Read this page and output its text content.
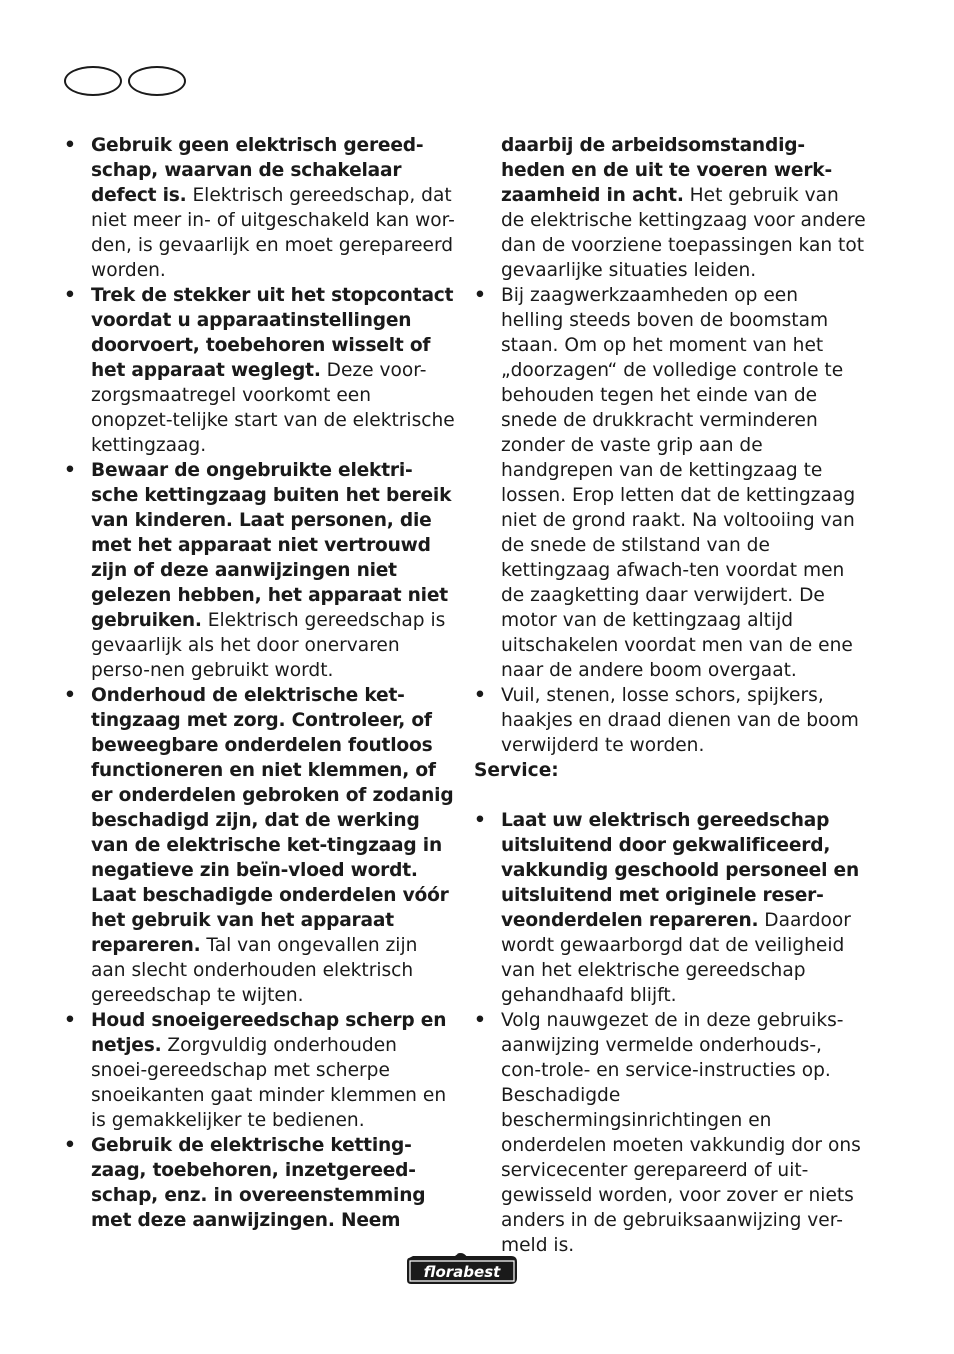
• Gebruik geen elektrisch gereed-schap, waarvan de schakelaar defect is. Elektrisch gereedschap, dat niet meer in- of uitgeschakeld kan wor-den, is gevaarlijk en moet gerepareerd worden.
• Trek de stekker uit het stopcontact voordat u apparaatinstellingen doorvoert, toebehoren wisselt of het apparaat weglegt. Deze voor-zorgsmaatregel voorkomt een onopzet-telijke start van de elektrische kettingzaag.
• Bewaar de ongebruikte elektri-sche kettingzaag buiten het bereik van kinderen. Laat personen, die met het apparaat niet vertrouwd zijn of deze aanwijzingen niet gelezen hebben, het apparaat niet gebruiken. Elektrisch gereedschap is gevaarlijk als het door onervaren perso-nen gebruikt wordt.
• Onderhoud de elektrische ket-tingzaag met zorg. Controleer, of beweegbare onderdelen foutloos functioneren en niet klemmen, of er onderdelen gebroken of zodanig beschadigd zijn, dat de werking van de elektrische ket-tingzaag in negatieve zin beïn-vloed wordt. Laat beschadigde onderdelen vóór het gebruik van het apparaat repareren. Tal van ongevallen zijn aan slecht onderhouden elektrisch gereedschap te wijten.
• Houd snoeigereedschap scherp en netjes. Zorgvuldig onderhouden snoei-gereedschap met scherpe snoeikanten gaat minder klemmen en is gemakkelijker te bedienen.
• Gebruik de elektrische ketting-zaag, toebehoren, inzetgereed-schap, enz. in overeenstemming met deze aanwijzingen. Neem
daarbij de arbeidsomstandig-heden en de uit te voeren werk-zaamheid in acht. Het gebruik van de elektrische kettingzaag voor andere dan de voorziene toepassingen kan tot gevaarlijke situaties leiden.
• Bij zaagwerkzaamheden op een helling steeds boven de boomstam staan. Om op het moment van het „doorzagen“ de volledige controle te behouden tegen het einde van de snede de drukkracht verminderen zonder de vaste grip aan de handgrepen van de kettingzaag te lossen. Erop letten dat de kettingzaag niet de grond raakt. Na voltooiing van de snede de stilstand van de kettingzaag afwach-ten voordat men de zaagketting daar verwijdert. De motor van de kettingzaag altijd uitschakelen voordat men van de ene naar de andere boom overgaat.
• Vuil, stenen, losse schors, spijkers, haakjes en draad dienen van de boom verwijderd te worden.

Service:

• Laat uw elektrisch gereedschap uitsluitend door gekwalificeerd, vakkundig geschoold personeel en uitsluitend met originele reser-veonderdelen repareren. Daardoor wordt gewaarborgd dat de veiligheid van het elektrische gereedschap gehandhaafd blijft.
• Volg nauwgezet de in deze gebruiks-aanwijzing vermelde onderhouds-, con-trole- en service-instructies op. Beschadigde beschermingsinrichtingen en onderdelen moeten vakkundig dor ons servicecenter gerepareerd of uit-gewisseld worden, voor zover er niets anders in de gebruiksaanwijzing ver-meld is.
florabest
